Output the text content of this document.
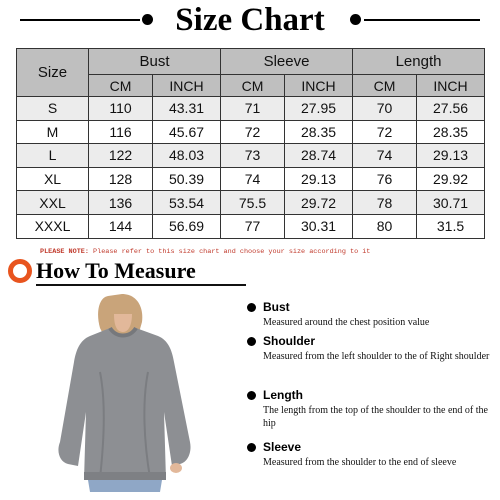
Size Chart
Size	Bust		Sleeve		Length	
	CM	INCH	CM	INCH	CM	INCH
S	110	43.31	71	27.95	70	27.56
M	116	45.67	72	28.35	72	28.35
L	122	48.03	73	28.74	74	29.13
XL	128	50.39	74	29.13	76	29.92
XXL	136	53.54	75.5	29.72	78	30.71
XXXL	144	56.69	77	30.31	80	31.5
PLEASE NOTE: Please refer to this size chart and choose your size according to it
How To Measure
Bust
Measured around the chest position value
Shoulder
Measured from the left shoulder to the of Right shoulder
Length
The length from the top of the shoulder to the end of the hip
Sleeve
Measured from the shoulder to the end of sleeve
